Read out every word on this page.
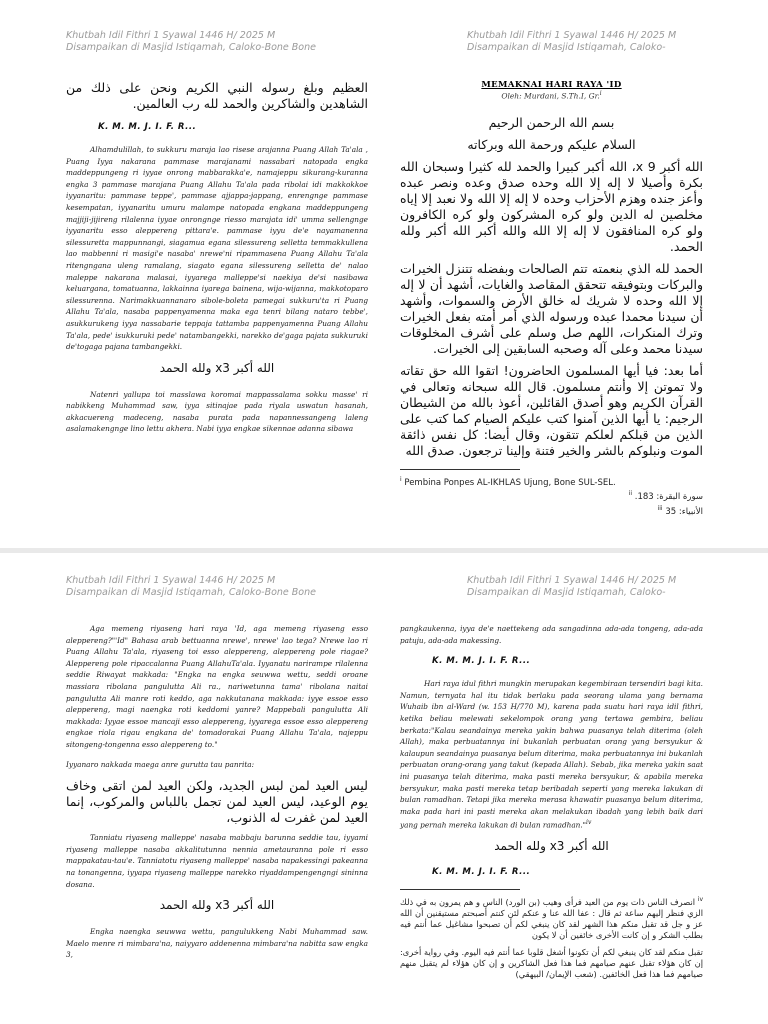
Khutbah Idil Fithri 1 Syawal 1446 H/ 2025 M Disampaikan di Masjid Istiqamah, Caloko-Bone Bone
Khutbah Idil Fithri 1 Syawal 1446 H/ 2025 M Disampaikan di Masjid Istiqamah, Caloko-

العظيم وبلغ رسوله النبي الكريم ونحن على ذلك من الشاهدين والشاكرين والحمد لله رب العالمين.

K. M. M. J. I. F. R...

Alhamdulillah, to sukkuru maraja lao risese arajanna Puang Allah Ta'ala , Puang Iyya nakarana pammase marajanami nassabari natopada engka maddeppungeng ri iyyae onrong mabbarakka'e, namajeppu sikurang-kuranna engka 3 pammase marajana Puang Allahu Ta'ala pada ribolai idi makkokkoe iyyanaritu: pammase teppe', pammase ajjappa-jappang, enrengnge pammase kesempatan, iyyanaritu umuru malampe natopada engkana maddeppungeng majjiji-jijireng rilalenna iyyae onrongnge riesso marajata idi' umma sellengnge iyyanaritu esso aleppereng pittara'e. pammase iyyu de'e nayamanenna silessuretta mappunnangi, siagamua egana silessureng selletta temmakkullena lao mabbenni ri masigi'e nasaba' nrewe'ni ripammasena Puang Allahu Ta'ala ritengngana uleng ramalang, siagato egana silessureng selletta de' nalao maleppe nakarana malasai, iyyarega malleppe'si naekiya de'si nasibawa keluargana, tomatuanna, lakkainna iyarega bainena, wija-wijanna, makkotoparo silessurenna. Narimakkuannanaro sibole-boleta pamegai sukkuru'ta ri Puang Allahu Ta'ala, nasaba pappenyamenna maka ega tenri bilang nataro tebbe', asukkurukeng iyya nassabarie teppaja tattamba pappenyamenna Puang Allahu Ta'ala, pede' isukkuruki pede' natambangekki, narekko de'gaga pajata sukkuruki de'togaga pajana tambangekki.

الله أكبر x3 ولله الحمد

Natenri yallupa toi masslawa koromai mappassalama sokku masse' ri nabikkeng Muhammad saw, iyya sitinajae pada riyala uswatun hasanah, akkacuereng madeceng, nasaba purata pada napannessangeng laleng asalamakengnge lino lettu akhera. Nabi iyya engkae sikennae adanna sibawa

MEMAKNAI HARI RAYA 'ID
Oleh: Murdani, S.Th.I, Gr.$^i$
بسم الله الرحمن الرحيم
السلام عليكم ورحمة الله وبركاته

الله أكبر 9 x، الله أكبر كبيرا والحمد لله كثيرا وسبحان الله بكرة وأصيلا لا إله إلا الله وحده صدق وعده ونصر عبده وأعز جنده وهزم الأحزاب وحده لا إله إلا الله ولا نعبد إلا إياه مخلصين له الدين ولو كره المشركون ولو كره الكافرون ولو كره المنافقون لا إله إلا الله والله أكبر الله أكبر ولله الحمد.

الحمد لله الذي بنعمته تتم الصالحات وبفضله تتنزل الخيرات والبركات وبتوفيقه تتحقق المقاصد والغايات، أشهد أن لا إله إلا الله وحده لا شريك له خالق الأرض والسموات، وأشهد أن سيدنا محمدا عبده ورسوله الذي أمر أمته بفعل الخيرات وترك المنكرات، اللهم صل وسلم على أشرف المخلوقات سيدنا محمد وعلى آله وصحبه السابقين إلى الخيرات.

أما بعد: فيا أيها المسلمون الحاضرون! اتقوا الله حق تقاته ولا تموتن إلا وأنتم مسلمون. قال الله سبحانه وتعالى في القرآن الكريم وهو أصدق القائلين، أعوذ بالله من الشيطان الرجيم: يا أيها الذين آمنوا كتب عليكم الصيام كما كتب على الذين من قبلكم لعلكم تتقون، وقال أيضا: كل نفس ذائقة الموت ونبلوكم بالشر والخير فتنة وإلينا ترجعون. صدق الله

$^i$ Pembina Ponpes AL-IKHLAS Ujung, Bone SUL-SEL.
سورة البقرة: 183. $^{ii}$
الأنبياء: 35 $^{iii}$
Khutbah Idil Fithri 1 Syawal 1446 H/ 2025 M Disampaikan di Masjid Istiqamah, Caloko-Bone Bone
Khutbah Idil Fithri 1 Syawal 1446 H/ 2025 M Disampaikan di Masjid Istiqamah, Caloko-

Aga memeng riyaseng hari raya 'Id, aga memeng riyaseng esso aleppereng?"'Id" Bahasa arab bettuanna nrewe', nrewe' lao tega? Nrewe lao ri Puang Allahu Ta'ala, riyaseng toi esso aleppereng, aleppereng pole riagae? Aleppereng pole ripaccalanna Puang AllahuTa'ala. Iyyanatu narirampe rilalenna seddie Riwayat makkada: "Engka na engka seuwwa wettu, seddi oroane massiara ribolana pangulutta Ali ra., nariwetunna tama' ribolana naitai pangulutta Ali manre roti keddo, aga nakkutanana makkada: iyye essoe esso aleppereng, magi naengka roti keddomi yanre? Mappebali pangulutta Ali makkada: Iyyae essoe mancaji esso aleppereng, iyyarega essoe esso aleppereng engkae riola rigau engkana de' tomadorakai Puang Allahu Ta'ala, najeppu sitongeng-tongenna esso aleppereng to."

Iyyanaro nakkada maega anre gurutta tau panrita:

ليس العيد لمن لبس الجديد، ولكن العيد لمن اتقى وخاف يوم الوعيد، ليس العيد لمن تجمل باللباس والمركوب، إنما العيد لمن غفرت له الذنوب،

Tanniatu riyaseng malleppe' nasaba mabbaju barunna seddie tau, iyyami riyaseng malleppe nasaba akkalitutunna nennia ametauranna pole ri esso mappakatau-tau'e. Tanniatotu riyaseng malleppe' nasaba napakessingi pakeanna na tonangenna, iyyapa riyaseng malleppe narekko riyaddampengengngi sininna dosana.

الله أكبر x3 ولله الحمد

Engka naengka seuwwa wettu, pangulukkeng Nabi Muhammad saw. Maelo menre ri mimbara'na, naiyyaro addenenna mimbara'na nabitta saw engka 3,

pangkaukenna, iyya de'e naettekeng ada sangadinna ada-ada tongeng, ada-ada patuju, ada-ada makessing.

K. M. M. J. I. F. R...

Hari raya idul fithri mungkin merupakan kegembiraan tersendiri bagi kita. Namun, ternyata hal itu tidak berlaku pada seorang ulama yang bernama Wuhaib ibn al-Ward (w. 153 H/770 M), karena pada suatu hari raya idil fithri, ketika beliau melewati sekelompok orang yang tertawa gembira, beliau berkata:"Kalau seandainya mereka yakin bahwa puasanya telah diterima (oleh Allah), maka perbuatannya ini bukanlah perbuatan orang yang bersyukur & kalaupun seandainya puasanya belum diterima, maka perbuatannya ini bukanlah perbuatan orang-orang yang takut (kepada Allah). Sebab, jika mereka yakin saat ini puasanya telah diterima, maka pasti mereka bersyukur, & apabila mereka bersyukur, maka pasti mereka tetap beribadah seperti yang mereka lakukan di bulan ramadhan. Tetapi jika mereka merasa khawatir puasanya belum diterima, maka pada hari ini pasti mereka akan melakukan ibadah yang lebih baik dari yang pernah mereka lakukan di bulan ramadhan."$^{iv}$

الله أكبر x3 ولله الحمد
K. M. M. J. I. F. R...
$^{iv}$ انصرف الناس ذات يوم من العيد فرأى وهيب (بن الورد) الناس و هم يمرون به في ذلك الزي فنظر إليهم ساعة ثم قال : عفا الله عنا و عنكم لئن كنتم أصبحتم مستيقنين أن الله عز و جل قد تقبل منكم هذا الشهر لقد كان ينبغي لكم أن تصبحوا مشاغيل عما أنتم فيه بطلب الشكر و إن كانت الأخرى خائفين أن لا يكون
تقبل منكم لقد كان ينبغي لكم أن تكونوا أشغل قلوبا عما أنتم فيه اليوم. وفي رواية أخرى: إن كان هؤلاء تقبل عنهم صيامهم فما هذا فعل الشاكرين و إن كان هؤلاء لم يتقبل منهم صيامهم فما هذا فعل الخائفين. (شعب الإيمان/ البيهقي)
